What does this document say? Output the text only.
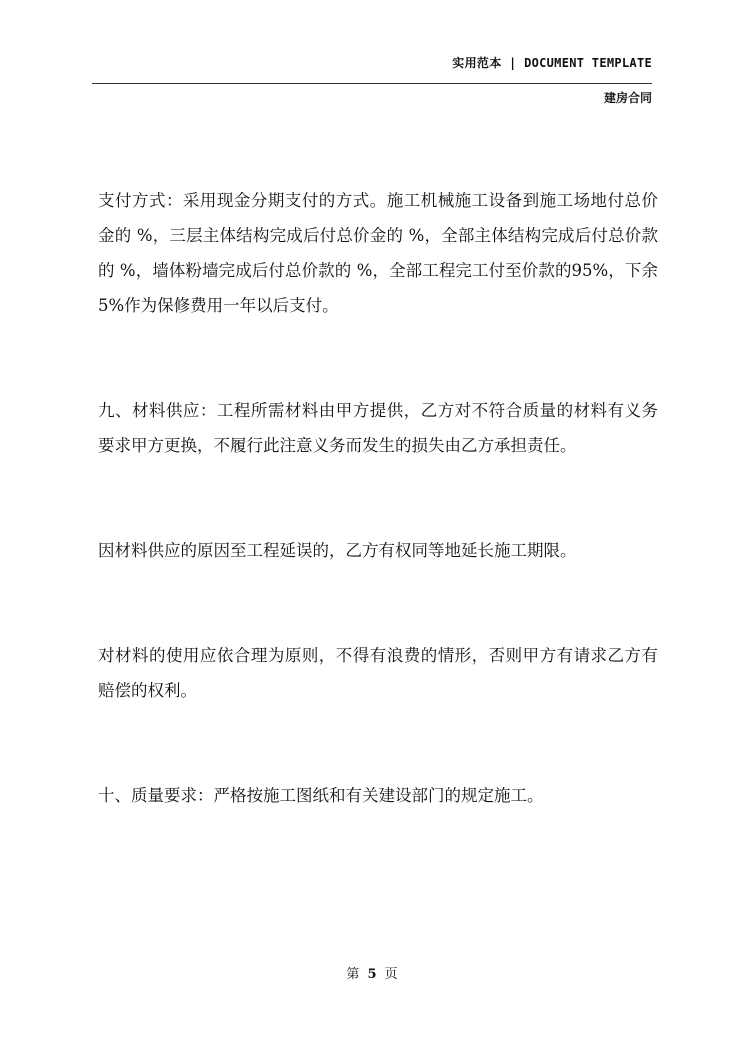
实用范本 | DOCUMENT TEMPLATE
建房合同

支付方式：采用现金分期支付的方式。施工机械施工设备到施工场地付总价金的 %，三层主体结构完成后付总价金的 %，全部主体结构完成后付总价款的 %，墙体粉墙完成后付总价款的 %，全部工程完工付至价款的95%，下余 5%作为保修费用一年以后支付。

九、材料供应：工程所需材料由甲方提供，乙方对不符合质量的材料有义务要求甲方更换，不履行此注意义务而发生的损失由乙方承担责任。

因材料供应的原因至工程延误的，乙方有权同等地延长施工期限。

对材料的使用应依合理为原则，不得有浪费的情形，否则甲方有请求乙方有赔偿的权利。

十、质量要求：严格按施工图纸和有关建设部门的规定施工。

第 5 页
